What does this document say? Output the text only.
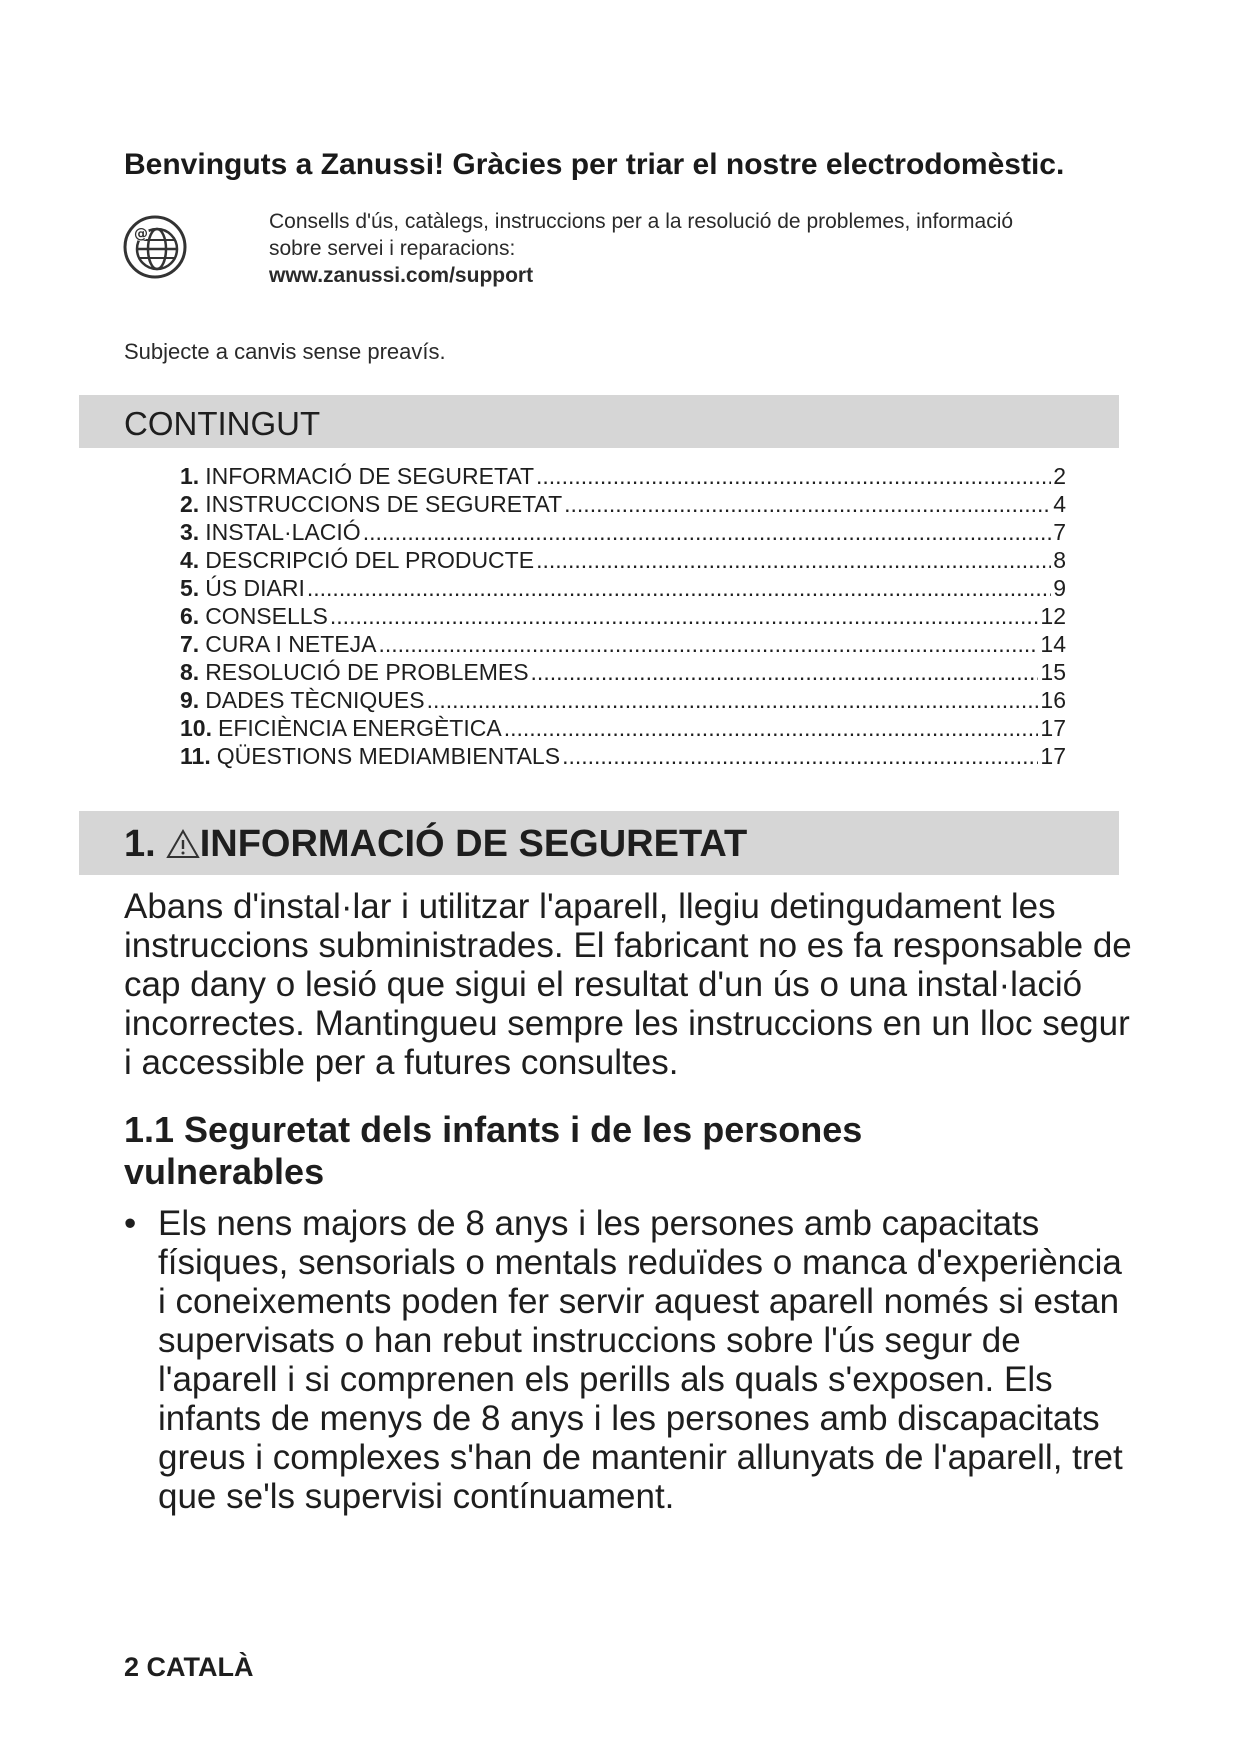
Benvinguts a Zanussi! Gràcies per triar el nostre electrodomèstic.
@
Consells d'ús, catàlegs, instruccions per a la resolució de problemes, informació
sobre servei i reparacions:
www.zanussi.com/support
Subjecte a canvis sense preavís.
CONTINGUT
1. INFORMACIÓ DE SEGURETAT .....	2
2. INSTRUCCIONS DE SEGURETAT .....	4
3. INSTAL·LACIÓ .....	7
4. DESCRIPCIÓ DEL PRODUCTE .....	8
5. ÚS DIARI .....	9
6. CONSELLS .....	12
7. CURA I NETEJA .....	14
8. RESOLUCIÓ DE PROBLEMES .....	15
9. DADES TÈCNIQUES .....	16
10. EFICIÈNCIA ENERGÈTICA .....	17
11. QÜESTIONS MEDIAMBIENTALS .....	17
1. INFORMACIÓ DE SEGURETAT

Abans d'instal·lar i utilitzar l'aparell, llegiu detingudament les instruccions subministrades. El fabricant no es fa responsable de cap dany o lesió que sigui el resultat d'un ús o una instal·lació incorrectes. Mantingueu sempre les instruccions en un lloc segur i accessible per a futures consultes.

1.1 Seguretat dels infants i de les persones vulnerables
• Els nens majors de 8 anys i les persones amb capacitats físiques, sensorials o mentals reduïdes o manca d'experiència i coneixements poden fer servir aquest aparell només si estan supervisats o han rebut instruccions sobre l'ús segur de l'aparell i si comprenen els perills als quals s'exposen. Els infants de menys de 8 anys i les persones amb discapacitats greus i complexes s'han de mantenir allunyats de l'aparell, tret que se'ls supervisi contínuament.
2 CATALÀ
